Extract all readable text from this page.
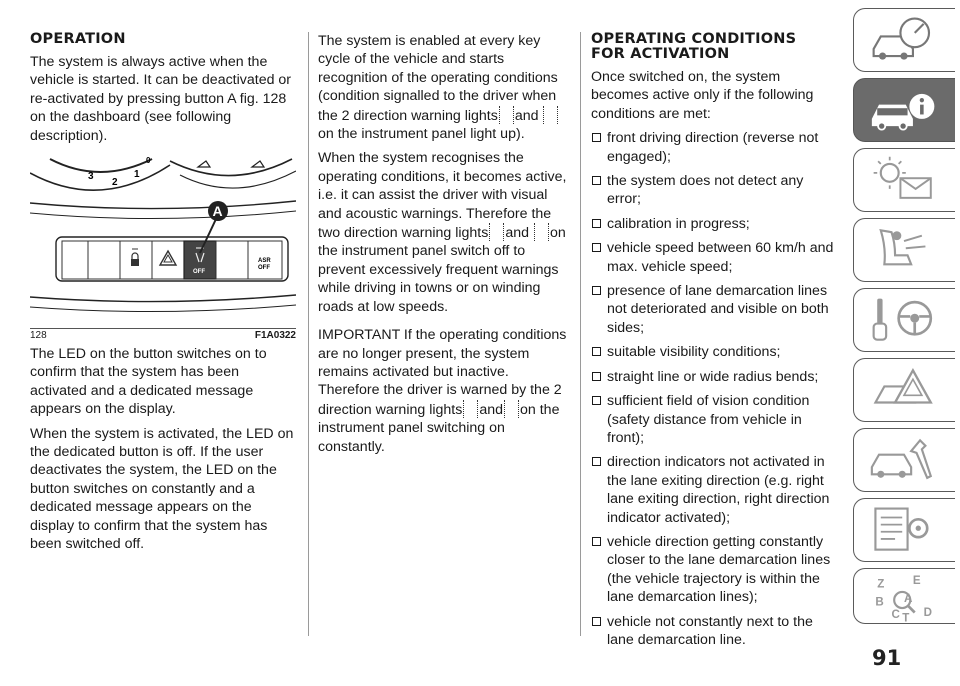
OPERATION

The system is always active when the vehicle is started. It can be deactivated or re-activated by pressing button A fig. 128 on the dashboard (see following description).

3
2
1
0
OFF
ASR
OFF
A
128	F1A0322

The LED on the button switches on to confirm that the system has been activated and a dedicated message appears on the display.

When the system is activated, the LED on the dedicated button is off. If the user deactivates the system, the LED on the button switches on constantly and a dedicated message appears on the display to confirm that the system has been switched off.

The system is enabled at every key cycle of the vehicle and starts recognition of the operating conditions (condition signalled to the driver when the 2 direction warning lights and on the instrument panel light up).

When the system recognises the operating conditions, it becomes active, i.e. it can assist the driver with visual and acoustic warnings. Therefore the two direction warning lights and on the instrument panel switch off to prevent excessively frequent warnings while driving in towns or on winding roads at low speeds.

IMPORTANT If the operating conditions are no longer present, the system remains activated but inactive. Therefore the driver is warned by the 2 direction warning lights and on the instrument panel switching on constantly.

OPERATING CONDITIONS
FOR ACTIVATION

Once switched on, the system becomes active only if the following conditions are met:

front driving direction (reverse not engaged);
the system does not detect any error;
calibration in progress;
vehicle speed between 60 km/h and max. vehicle speed;
presence of lane demarcation lines not deteriorated and visible on both sides;
suitable visibility conditions;
straight line or wide radius bends;
sufficient field of vision condition (safety distance from vehicle in front);
direction indicators not activated in the lane exiting direction (e.g. right lane exiting direction, right direction indicator activated);
vehicle direction getting constantly closer to the lane demarcation lines (the vehicle trajectory is within the lane demarcation lines);
vehicle not constantly next to the lane demarcation line.
Z E
B A
C T D
91
